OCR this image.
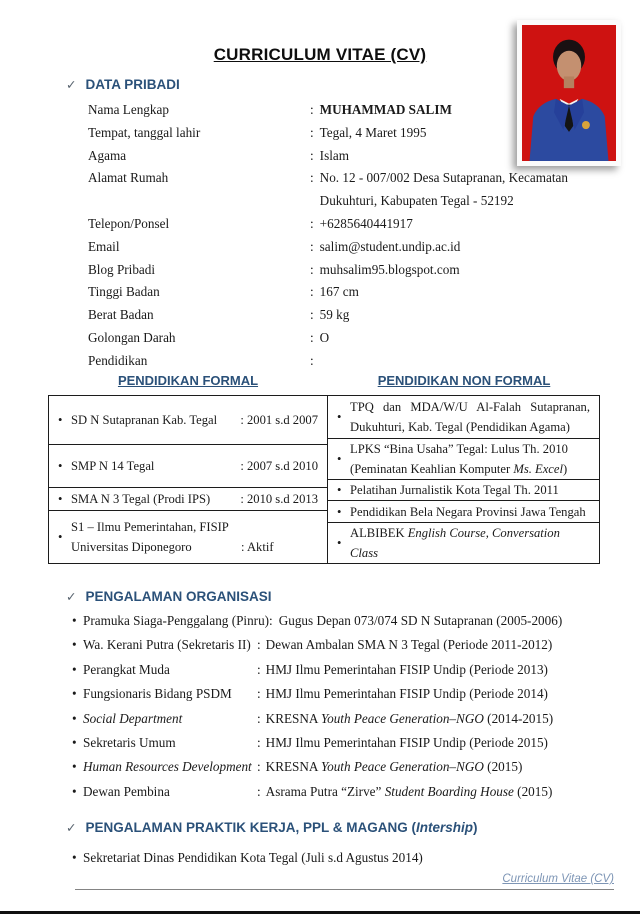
CURRICULUM VITAE (CV)
✓ DATA PRIBADI
Nama Lengkap	: MUHAMMAD SALIM
Tempat, tanggal lahir	: Tegal, 4 Maret 1995
Agama	: Islam
Alamat Rumah	: No. 12 - 007/002 Desa Sutapranan, Kecamatan
Dukuhturi, Kabupaten Tegal - 52192
Telepon/Ponsel	: +6285640441917
Email	: salim@student.undip.ac.id
Blog Pribadi	: muhsalim95.blogspot.com
Tinggi Badan	: 167 cm
Berat Badan	: 59 kg
Golongan Darah	: O
Pendidikan	:
PENDIDIKAN FORMAL	PENDIDIKAN NON FORMAL
• SD N Sutapranan Kab. Tegal : 2001 s.d 2007
• SMP N 14 Tegal	: 2007 s.d 2010
• SMA N 3 Tegal (Prodi IPS) : 2010 s.d 2013
•
S1 – Ilmu Pemerintahan, FISIP
Universitas Diponegoro	: Aktif
•
TPQ dan MDA/W/U Al-Falah Sutapranan, Dukuhturi, Kab. Tegal (Pendidikan Agama)
•
LPKS “Bina Usaha” Tegal: Lulus Th. 2010 (Peminatan Keahlian Komputer Ms. Excel)
• Pelatihan Jurnalistik Kota Tegal Th. 2011
• Pendidikan Bela Negara Provinsi Jawa Tengah
•
ALBIBEK English Course, Conversation Class
✓ PENGALAMAN ORGANISASI
• Pramuka Siaga-Penggalang (Pinru): Gugus Depan 073/074 SD N Sutapranan (2005-2006)
• Wa. Kerani Putra (Sekretaris II) : Dewan Ambalan SMA N 3 Tegal (Periode 2011-2012)
• Perangkat Muda	: HMJ Ilmu Pemerintahan FISIP Undip (Periode 2013)
• Fungsionaris Bidang PSDM	: HMJ Ilmu Pemerintahan FISIP Undip (Periode 2014)
• Social Department	: KRESNA Youth Peace Generation–NGO (2014-2015)
• Sekretaris Umum	: HMJ Ilmu Pemerintahan FISIP Undip (Periode 2015)
• Human Resources Development : KRESNA Youth Peace Generation–NGO (2015)
• Dewan Pembina	: Asrama Putra “Zirve” Student Boarding House (2015)
✓ PENGALAMAN PRAKTIK KERJA, PPL & MAGANG (Intership)
• Sekretariat Dinas Pendidikan Kota Tegal (Juli s.d Agustus 2014)
Curriculum Vitae (CV)
